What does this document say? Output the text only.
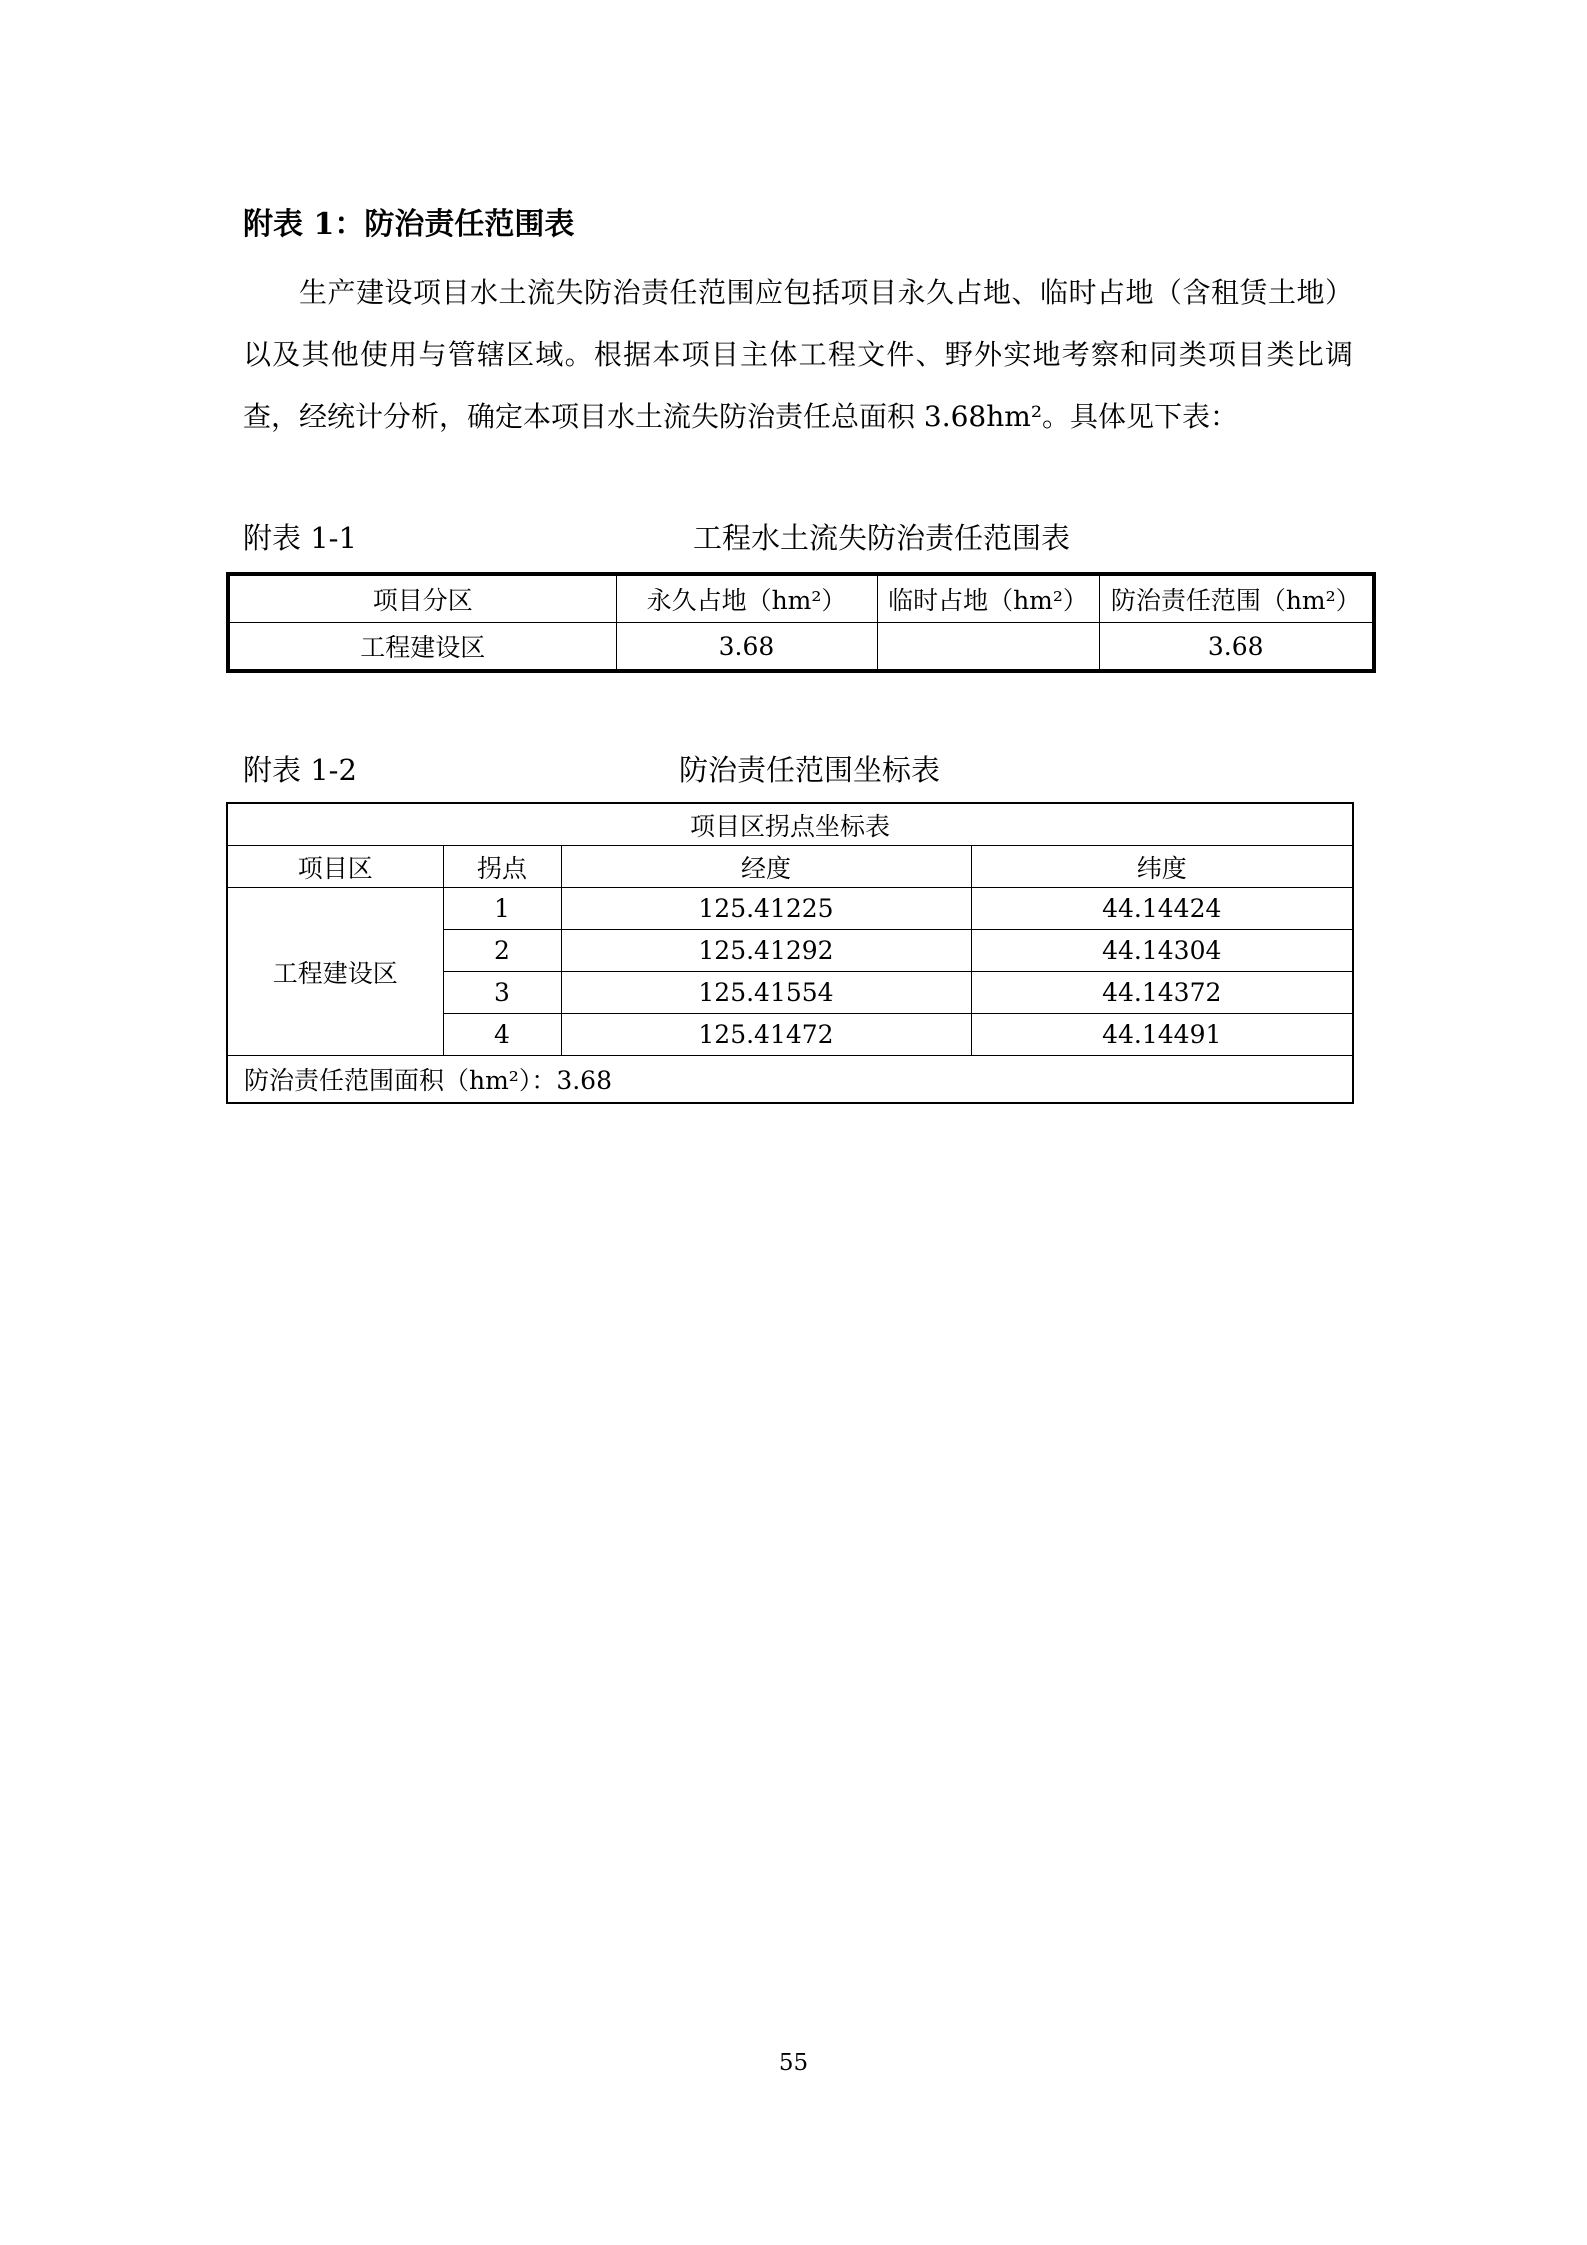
附表 1：防治责任范围表

生产建设项目水土流失防治责任范围应包括项目永久占地、临时占地（含租赁土地）以及其他使用与管辖区域。根据本项目主体工程文件、野外实地考察和同类项目类比调查，经统计分析，确定本项目水土流失防治责任总面积 3.68hm²。具体见下表：

附表 1-1	工程水土流失防治责任范围表
项目分区	永久占地（hm²）	临时占地（hm²）	防治责任范围（hm²）
工程建设区	3.68		3.68
附表 1-2	防治责任范围坐标表
项目区拐点坐标表			
项目区	拐点	经度	纬度
工程建设区	1	125.41225	44.14424
	2	125.41292	44.14304
	3	125.41554	44.14372
	4	125.41472	44.14491
防治责任范围面积（hm²）：3.68			
55
